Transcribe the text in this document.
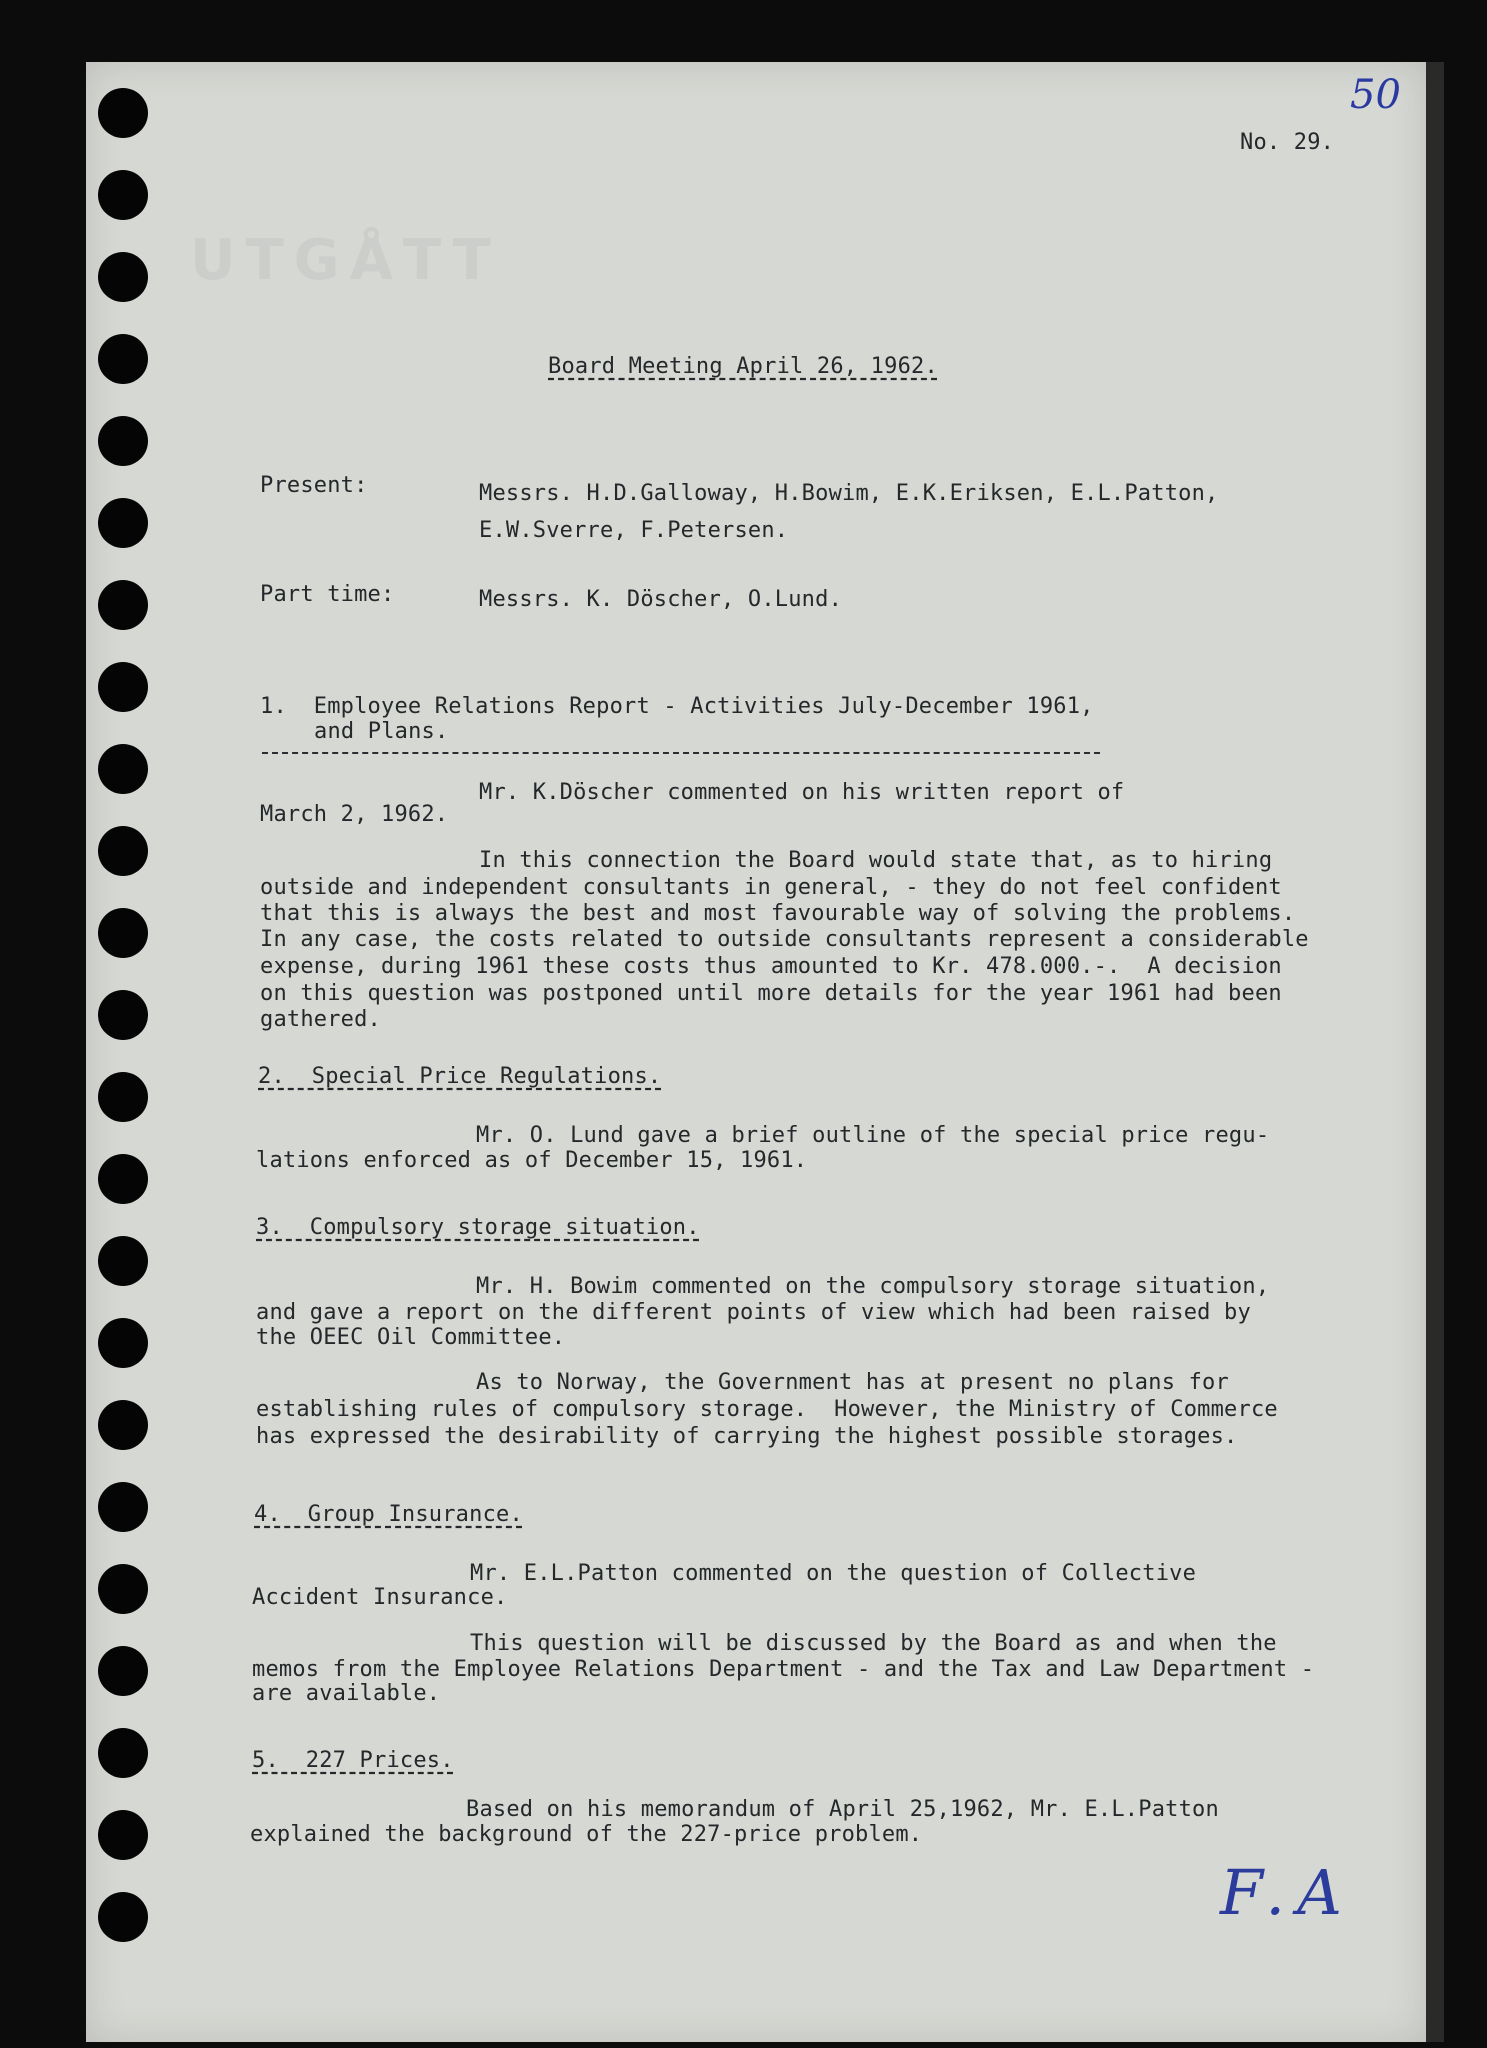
UTGÅTT
50
No. 29.
Board Meeting April 26, 1962.
Present:	Messrs. H.D.Galloway, H.Bowim, E.K.Eriksen, E.L.Patton,
E.W.Sverre, F.Petersen.
Part time:	Messrs. K. Döscher, O.Lund.
1.  Employee Relations Report - Activities July-December 1961,
and Plans.
Mr. K.Döscher commented on his written report of
March 2, 1962.
In this connection the Board would state that, as to hiring
outside and independent consultants in general, - they do not feel confident
that this is always the best and most favourable way of solving the problems.
In any case, the costs related to outside consultants represent a considerable
expense, during 1961 these costs thus amounted to Kr. 478.000.-.  A decision
on this question was postponed until more details for the year 1961 had been
gathered.
2.  Special Price Regulations.
Mr. O. Lund gave a brief outline of the special price regu-
lations enforced as of December 15, 1961.
3.  Compulsory storage situation.
Mr. H. Bowim commented on the compulsory storage situation,
and gave a report on the different points of view which had been raised by
the OEEC Oil Committee.
As to Norway, the Government has at present no plans for
establishing rules of compulsory storage.  However, the Ministry of Commerce
has expressed the desirability of carrying the highest possible storages.
4.  Group Insurance.
Mr. E.L.Patton commented on the question of Collective
Accident Insurance.
This question will be discussed by the Board as and when the
memos from the Employee Relations Department - and the Tax and Law Department -
are available.
5.  227 Prices.
Based on his memorandum of April 25,1962, Mr. E.L.Patton
explained the background of the 227-price problem.
F.A
